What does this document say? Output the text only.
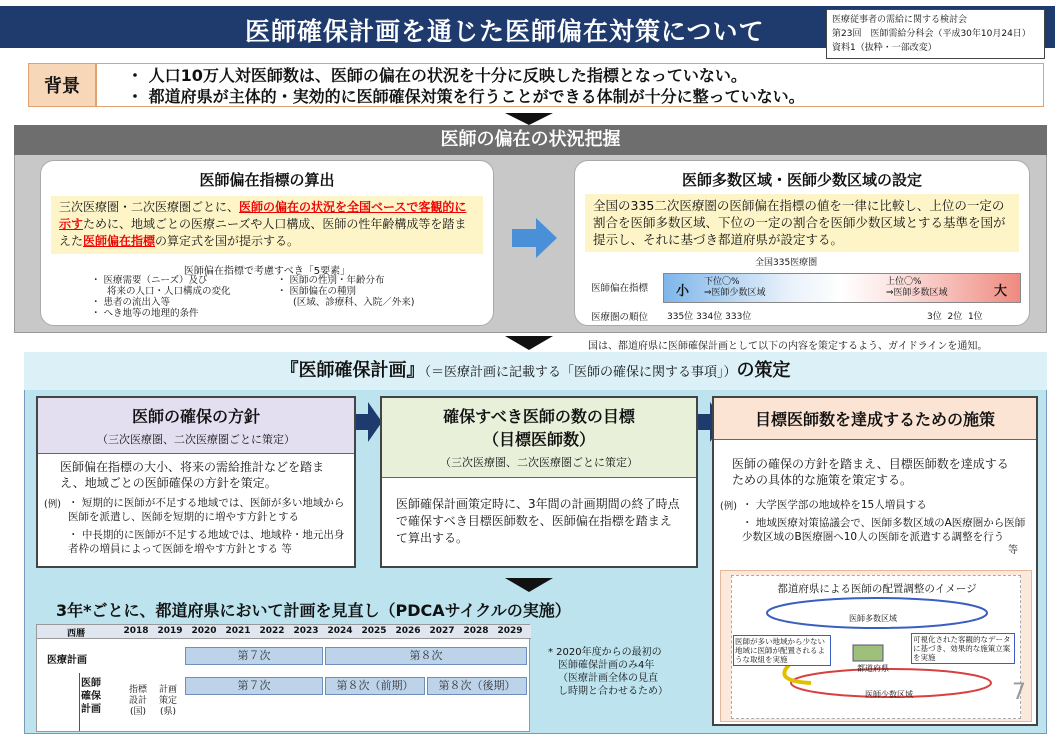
医師確保計画を通じた医師偏在対策について	医療従事者の需給に関する検討会
第23回　医師需給分科会（平成30年10月24日）
資料1（抜粋・一部改変）
背景
・ 人口10万人対医師数は、医師の偏在の状況を十分に反映した指標となっていない。
・ 都道府県が主体的・実効的に医師確保対策を行うことができる体制が十分に整っていない。
医師の偏在の状況把握
医師偏在指標の算出
三次医療圏・二次医療圏ごとに、医師の偏在の状況を全国ベースで客観的に示すために、地域ごとの医療ニーズや人口構成、医師の性年齢構成等を踏まえた医師偏在指標の算定式を国が提示する。
医師偏在指標で考慮すべき「5要素」
・ 医療需要（ニーズ）及び
将来の人口・人口構成の変化
・ 患者の流出入等
・ へき地等の地理的条件
・ 医師の性別・年齢分布
・ 医師偏在の種別
(区域、診療科、入院／外来)
医師多数区域・医師少数区域の設定
全国の335二次医療圏の医師偏在指標の値を一律に比較し、上位の一定の割合を医師多数区域、下位の一定の割合を医師少数区域とする基準を国が提示し、それに基づき都道府県が設定する。
全国335医療圏
医師偏在指標 小
下位〇%
⇒医師少数区域
上位〇%
⇒医師多数区域	大
医療圏の順位 335位 334位 333位	3位 2位 1位
国は、都道府県に医師確保計画として以下の内容を策定するよう、ガイドラインを通知。
『医師確保計画』（＝医療計画に記載する「医師の確保に関する事項」）の策定
医師の確保の方針
（三次医療圏、二次医療圏ごとに策定）
医師偏在指標の大小、将来の需給推計などを踏まえ、地域ごとの医師確保の方針を策定。
(例) ・ 短期的に医師が不足する地域では、医師が多い地域から医師を派遣し、医師を短期的に増やす方針とする
・ 中長期的に医師が不足する地域では、地域枠・地元出身者枠の増員によって医師を増やす方針とする 等
確保すべき医師の数の目標
（目標医師数）
（三次医療圏、二次医療圏ごとに策定）
医師確保計画策定時に、3年間の計画期間の終了時点で確保すべき目標医師数を、医師偏在指標を踏まえて算出する。
目標医師数を達成するための施策
医師の確保の方針を踏まえ、目標医師数を達成するための具体的な施策を策定する。
(例) ・ 大学医学部の地域枠を15人増員する
・ 地域医療対策協議会で、医師多数区域のA医療圏から医師少数区域のB医療圏へ10人の医師を派遣する調整を行う
等
都道府県による医師の配置調整のイメージ
医師多数区域
医師少数区域
都道府県
医師が多い地域から少ない地域に医師が配置されるような取組を実施
可視化された客観的なデータに基づき、効果的な施策立案を実施
3年*ごとに、都道府県において計画を見直し（PDCAサイクルの実施）
西暦	2018 2019 2020 2021 2022 2023 2024 2025 2026 2027 2028 2029
医療計画	第７次	第８次
医師
確保
計画
指標
設計
(国)
計画
策定
(県)
第７次	第８次（前期）	第８次（後期）
* 2020年度からの最初の
医師確保計画のみ4年
（医療計画全体の見直
し時期と合わせるため）	7
